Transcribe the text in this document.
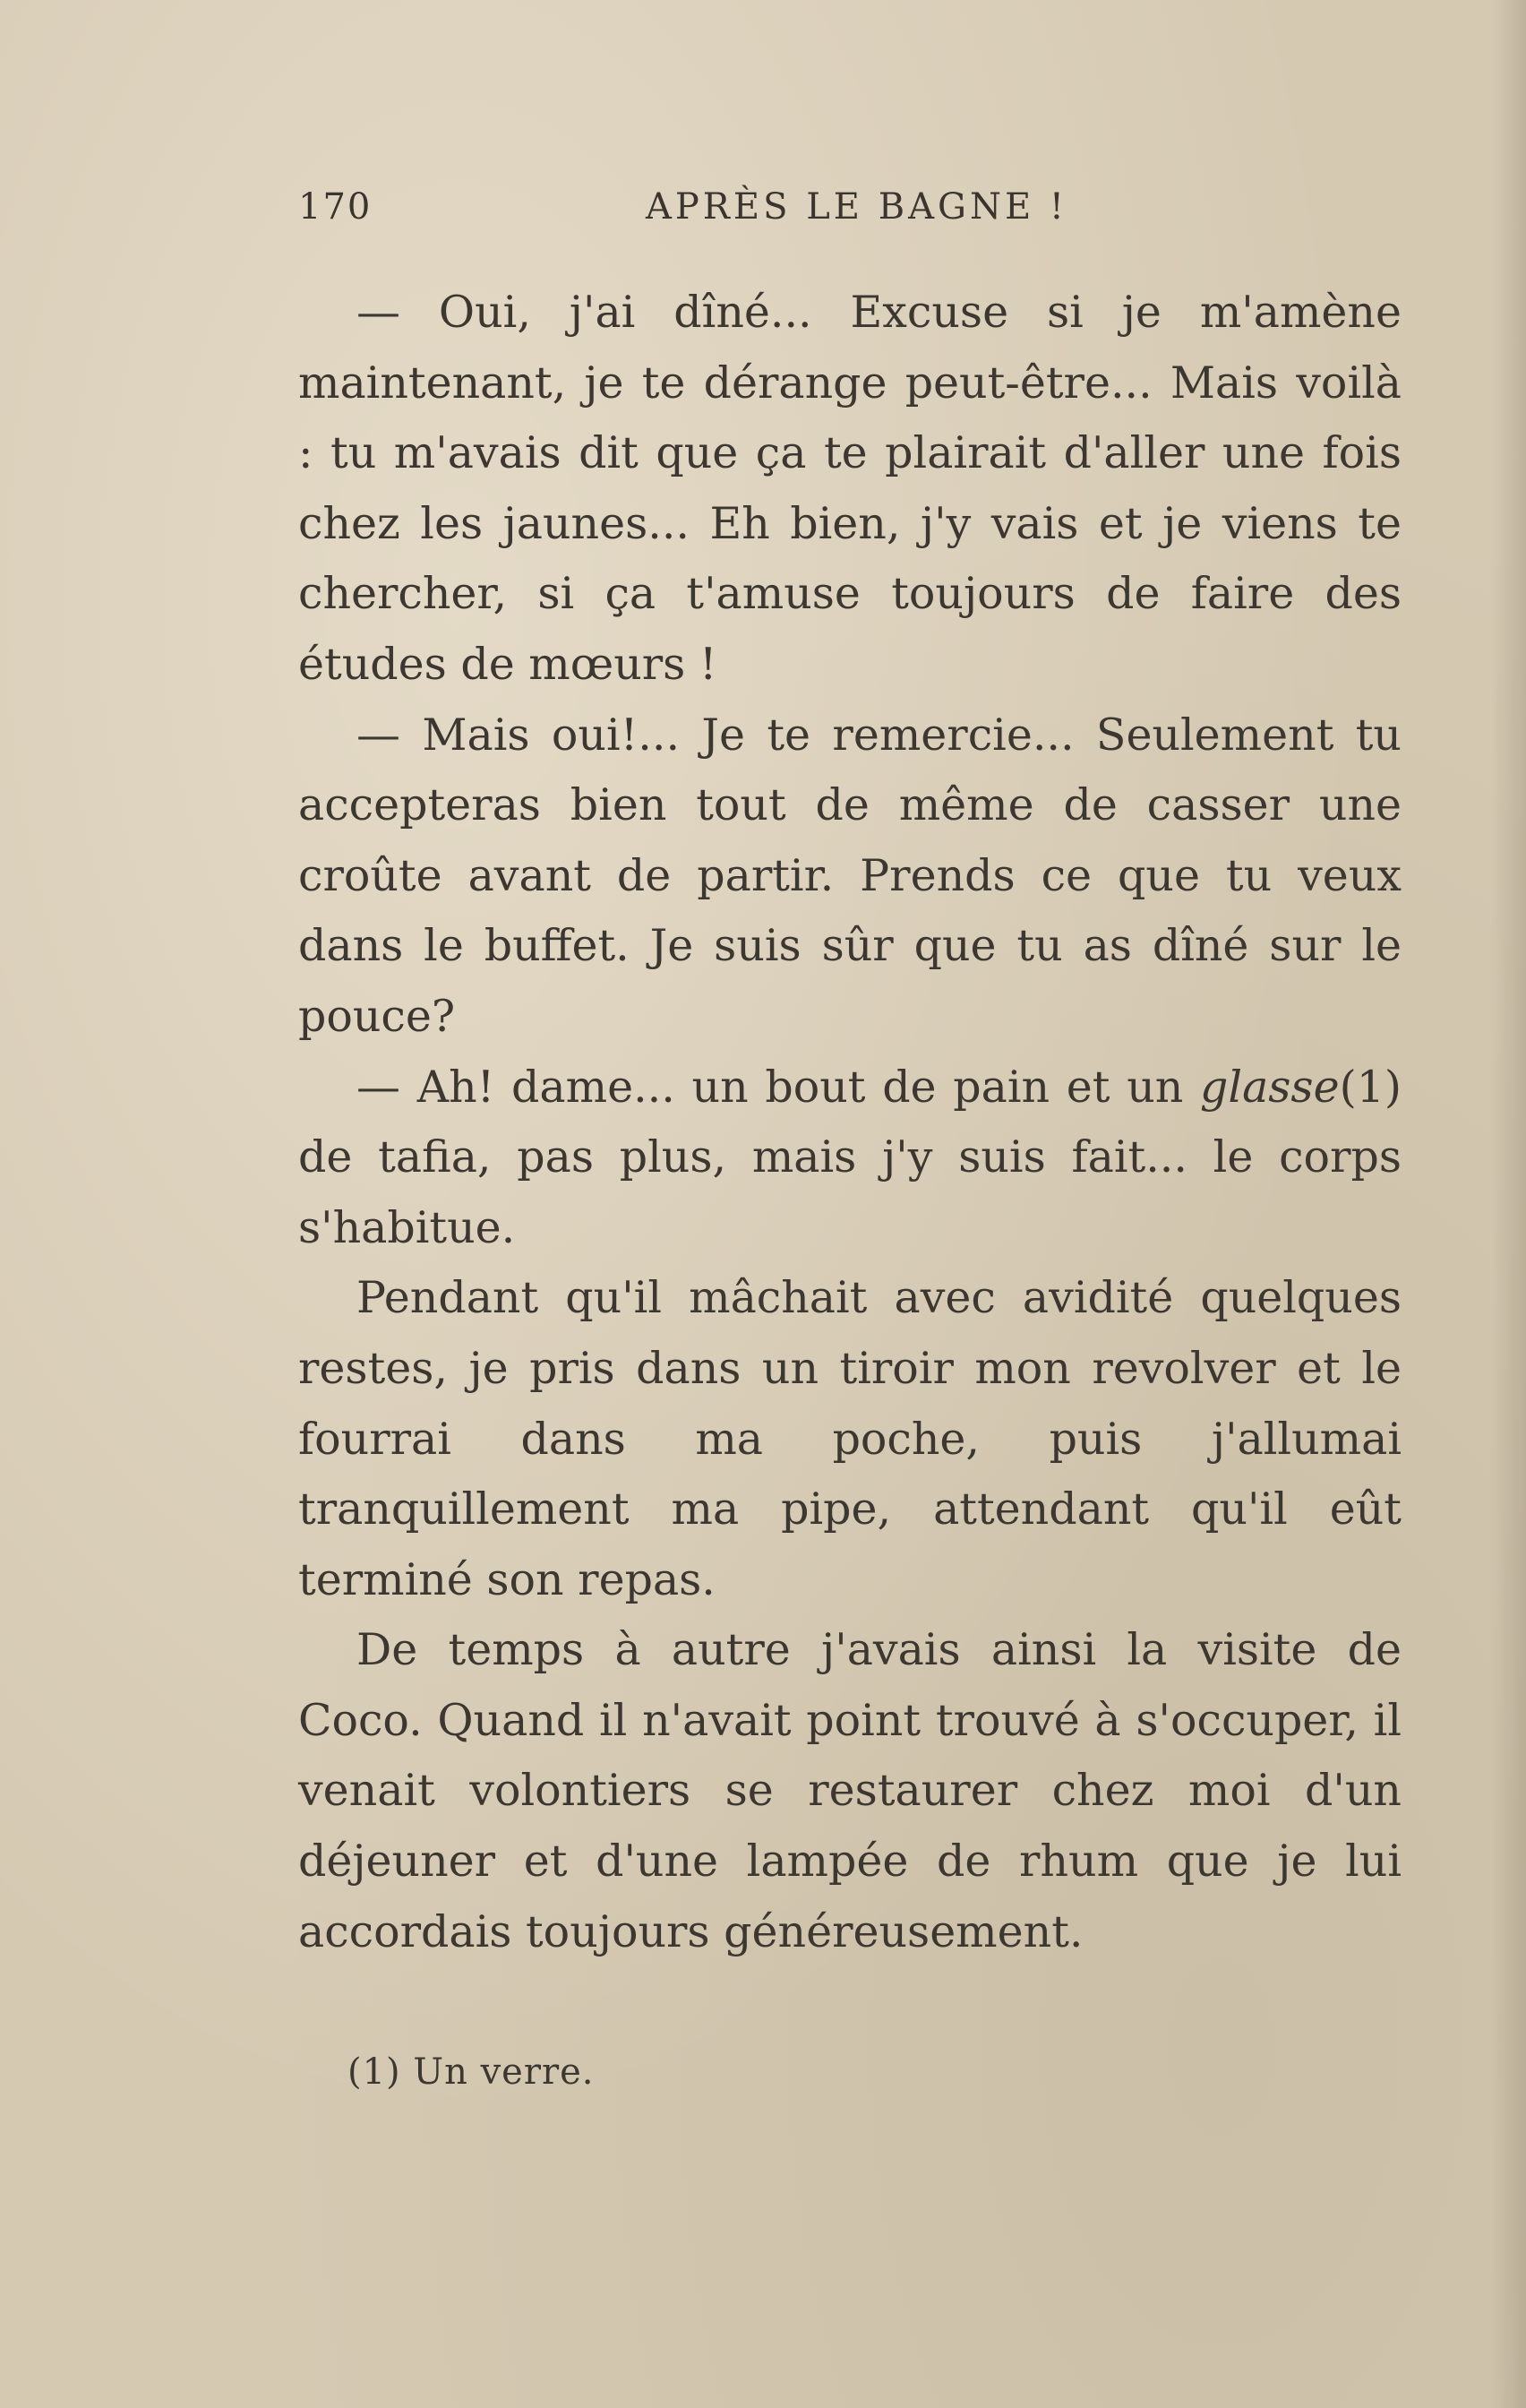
170	APRÈS LE BAGNE !

— Oui, j'ai dîné... Excuse si je m'amène maintenant, je te dérange peut-être... Mais voilà : tu m'avais dit que ça te plairait d'aller une fois chez les jaunes... Eh bien, j'y vais et je viens te chercher, si ça t'amuse toujours de faire des études de mœurs !

— Mais oui!... Je te remercie... Seulement tu accepteras bien tout de même de casser une croûte avant de partir. Prends ce que tu veux dans le buffet. Je suis sûr que tu as dîné sur le pouce?

— Ah! dame... un bout de pain et un glasse(1) de tafia, pas plus, mais j'y suis fait... le corps s'habitue.

Pendant qu'il mâchait avec avidité quelques restes, je pris dans un tiroir mon revolver et le fourrai dans ma poche, puis j'allumai tranquillement ma pipe, attendant qu'il eût terminé son repas.

De temps à autre j'avais ainsi la visite de Coco. Quand il n'avait point trouvé à s'occuper, il venait volontiers se restaurer chez moi d'un déjeuner et d'une lampée de rhum que je lui accordais toujours généreusement.

(1) Un verre.
